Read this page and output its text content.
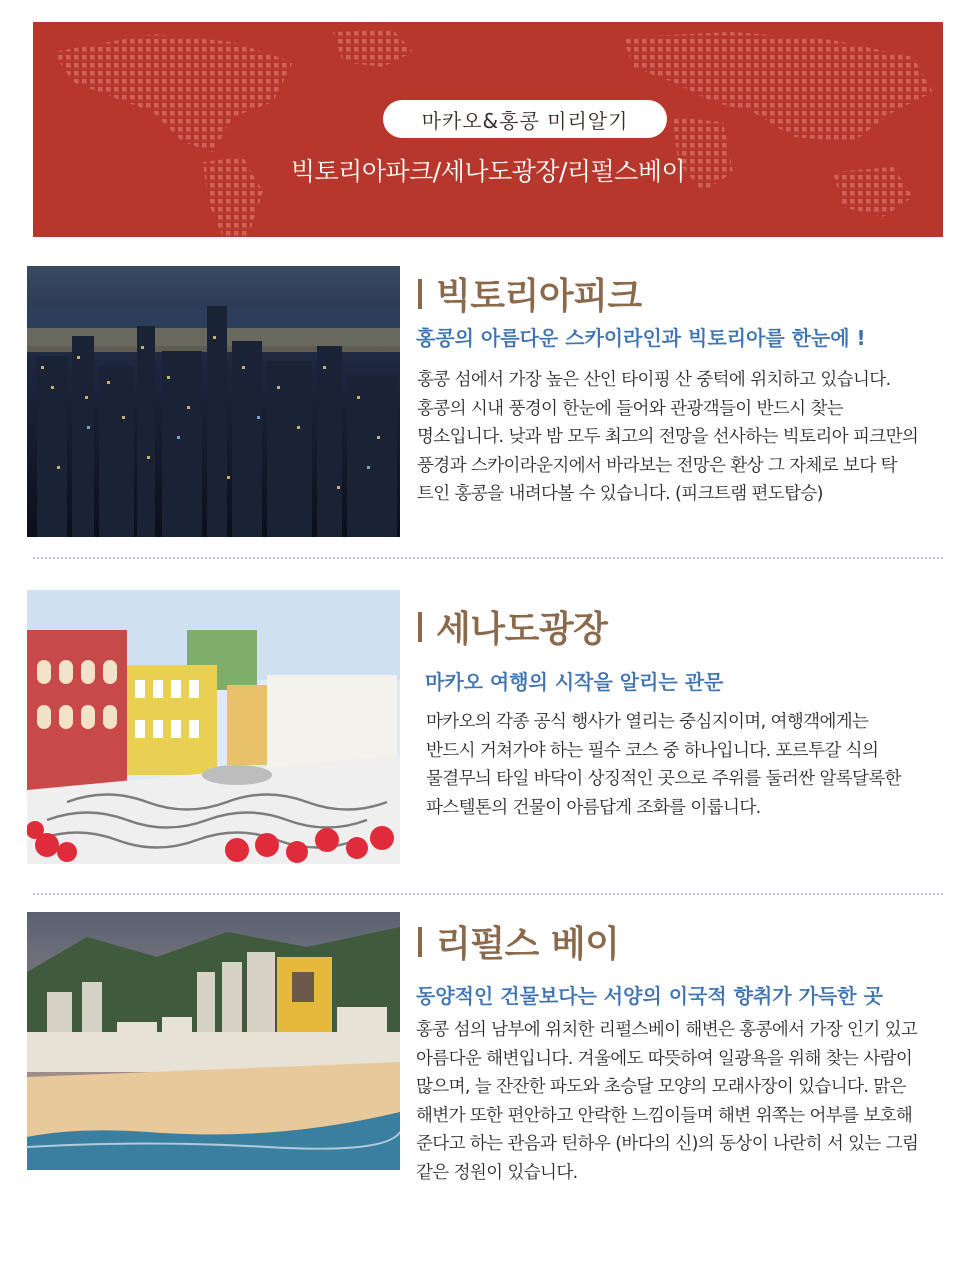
마카오&홍콩 미리알기
빅토리아파크/세나도광장/리펄스베이
빅토리아피크
홍콩의 아름다운 스카이라인과 빅토리아를 한눈에 !
홍콩 섬에서 가장 높은 산인 타이핑 산 중턱에 위치하고 있습니다.
홍콩의 시내 풍경이 한눈에 들어와 관광객들이 반드시 찾는
명소입니다. 낮과 밤 모두 최고의 전망을 선사하는 빅토리아 피크만의
풍경과 스카이라운지에서 바라보는 전망은 환상 그 자체로 보다 탁
트인 홍콩을 내려다볼 수 있습니다. (피크트램 편도탑승)
세나도광장
마카오 여행의 시작을 알리는 관문
마카오의 각종 공식 행사가 열리는 중심지이며, 여행객에게는
반드시 거쳐가야 하는 필수 코스 중 하나입니다. 포르투갈 식의
물결무늬 타일 바닥이 상징적인 곳으로 주위를 둘러싼 알록달록한
파스텔톤의 건물이 아름답게 조화를 이룹니다.
리펄스 베이
동양적인 건물보다는 서양의 이국적 향취가 가득한 곳
홍콩 섬의 남부에 위치한 리펄스베이 해변은 홍콩에서 가장 인기 있고
아름다운 해변입니다. 겨울에도 따뜻하여 일광욕을 위해 찾는 사람이
많으며, 늘 잔잔한 파도와 초승달 모양의 모래사장이 있습니다. 맑은
해변가 또한 편안하고 안락한 느낌이들며 해변 위쪽는 어부를 보호해
준다고 하는 관음과 틴하우 (바다의 신)의 동상이 나란히 서 있는 그림
같은 정원이 있습니다.
